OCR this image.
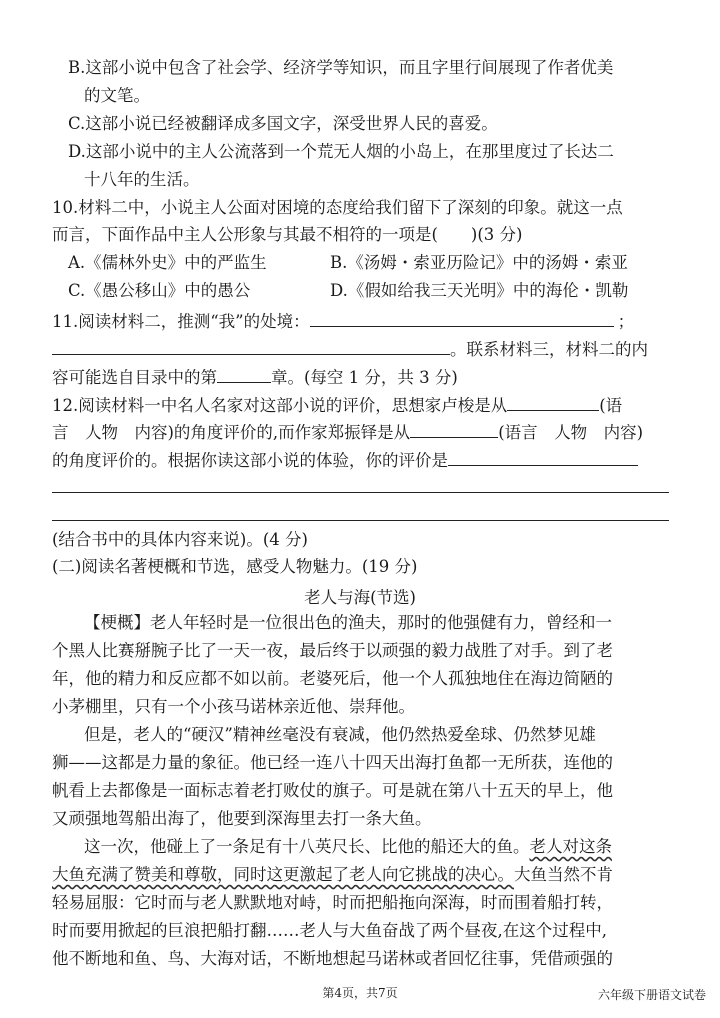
B.这部小说中包含了社会学、经济学等知识，而且字里行间展现了作者优美
的文笔。
C.这部小说已经被翻译成多国文字，深受世界人民的喜爱。
D.这部小说中的主人公流落到一个荒无人烟的小岛上，在那里度过了长达二
十八年的生活。
10.材料二中，小说主人公面对困境的态度给我们留下了深刻的印象。就这一点
而言，下面作品中主人公形象与其最不相符的一项是(　　)(3 分)
A.《儒林外史》中的严监生	B.《汤姆・索亚历险记》中的汤姆・索亚
C.《愚公移山》中的愚公	D.《假如给我三天光明》中的海伦・凯勒
11.阅读材料二，推测“我”的处境：	；
。联系材料三，材料二的内
容可能选自目录中的第	章。(每空 1 分，共 3 分)
12.阅读材料一中名人名家对这部小说的评价，思想家卢梭是从	(语
言　人物　内容)的角度评价的,而作家郑振铎是从	(语言　人物　内容)
的角度评价的。根据你读这部小说的体验，你的评价是
(结合书中的具体内容来说)。(4 分)
(二)阅读名著梗概和节选，感受人物魅力。(19 分)
老人与海(节选)
【梗概】老人年轻时是一位很出色的渔夫，那时的他强健有力，曾经和一
个黑人比赛掰腕子比了一天一夜，最后终于以顽强的毅力战胜了对手。到了老
年，他的精力和反应都不如以前。老婆死后，他一个人孤独地住在海边简陋的
小茅棚里，只有一个小孩马诺林亲近他、崇拜他。
但是，老人的“硬汉”精神丝毫没有衰减，他仍然热爱垒球、仍然梦见雄
狮——这都是力量的象征。他已经一连八十四天出海打鱼都一无所获，连他的
帆看上去都像是一面标志着老打败仗的旗子。可是就在第八十五天的早上，他
又顽强地驾船出海了，他要到深海里去打一条大鱼。
这一次，他碰上了一条足有十八英尺长、比他的船还大的鱼。老人对这条
大鱼充满了赞美和尊敬，同时这更激起了老人向它挑战的决心。大鱼当然不肯
轻易屈服：它时而与老人默默地对峙，时而把船拖向深海，时而围着船打转，
时而要用掀起的巨浪把船打翻……老人与大鱼奋战了两个昼夜,在这个过程中,
他不断地和鱼、鸟、大海对话，不断地想起马诺林或者回忆往事，凭借顽强的
第4页，共7页	六年级下册语文试卷
